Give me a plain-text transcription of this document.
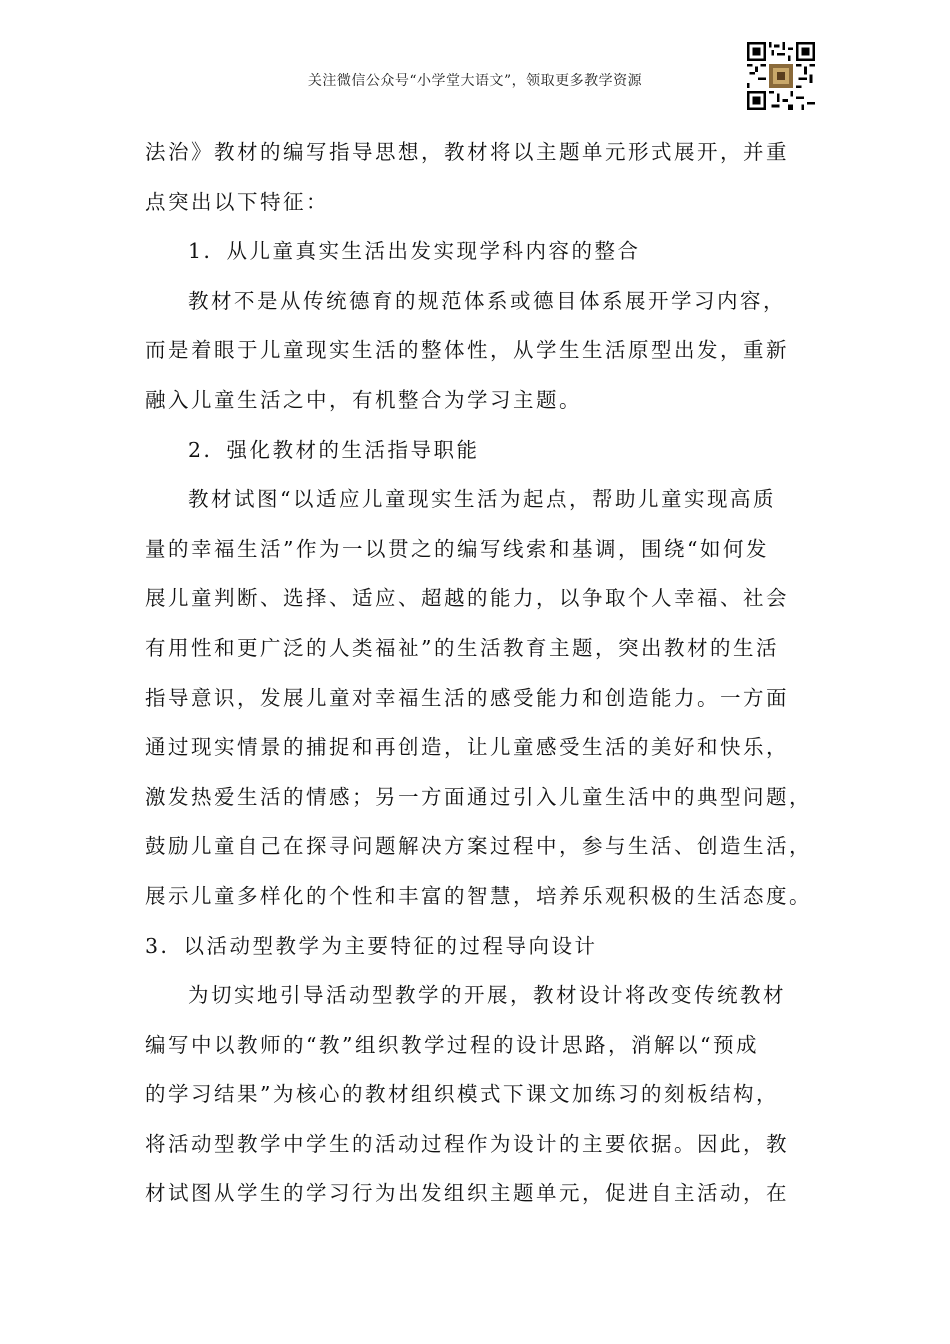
关注微信公众号“小学堂大语文”，领取更多教学资源
法治》教材的编写指导思想，教材将以主题单元形式展开，并重
点突出以下特征：
1．从儿童真实生活出发实现学科内容的整合
教材不是从传统德育的规范体系或德目体系展开学习内容，
而是着眼于儿童现实生活的整体性，从学生生活原型出发，重新
融入儿童生活之中，有机整合为学习主题。
2．强化教材的生活指导职能
教材试图“以适应儿童现实生活为起点，帮助儿童实现高质
量的幸福生活”作为一以贯之的编写线索和基调，围绕“如何发
展儿童判断、选择、适应、超越的能力，以争取个人幸福、社会
有用性和更广泛的人类福祉”的生活教育主题，突出教材的生活
指导意识，发展儿童对幸福生活的感受能力和创造能力。一方面
通过现实情景的捕捉和再创造，让儿童感受生活的美好和快乐，
激发热爱生活的情感；另一方面通过引入儿童生活中的典型问题，
鼓励儿童自己在探寻问题解决方案过程中，参与生活、创造生活，
展示儿童多样化的个性和丰富的智慧，培养乐观积极的生活态度。
3．以活动型教学为主要特征的过程导向设计
为切实地引导活动型教学的开展，教材设计将改变传统教材
编写中以教师的“教”组织教学过程的设计思路，消解以“预成
的学习结果”为核心的教材组织模式下课文加练习的刻板结构，
将活动型教学中学生的活动过程作为设计的主要依据。因此，教
材试图从学生的学习行为出发组织主题单元，促进自主活动，在
